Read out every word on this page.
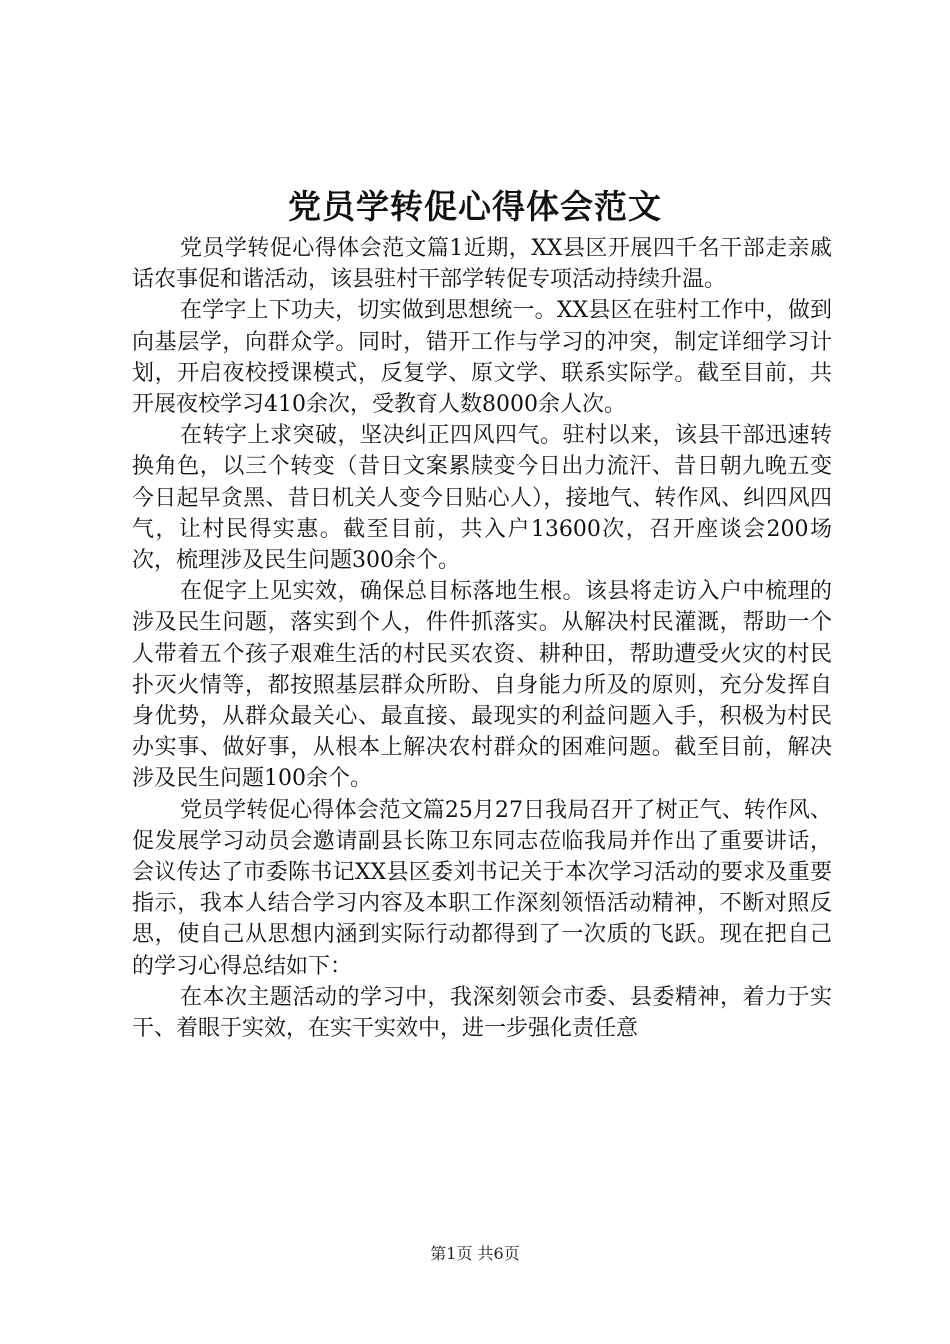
党员学转促心得体会范文

党员学转促心得体会范文篇1近期，XX县区开展四千名干部走亲戚话农事促和谐活动，该县驻村干部学转促专项活动持续升温。

在学字上下功夫，切实做到思想统一。XX县区在驻村工作中，做到向基层学，向群众学。同时，错开工作与学习的冲突，制定详细学习计划，开启夜校授课模式，反复学、原文学、联系实际学。截至目前，共开展夜校学习410余次，受教育人数8000余人次。

在转字上求突破，坚决纠正四风四气。驻村以来，该县干部迅速转换角色，以三个转变（昔日文案累牍变今日出力流汗、昔日朝九晚五变今日起早贪黑、昔日机关人变今日贴心人），接地气、转作风、纠四风四气，让村民得实惠。截至目前，共入户13600次，召开座谈会200场次，梳理涉及民生问题300余个。

在促字上见实效，确保总目标落地生根。该县将走访入户中梳理的涉及民生问题，落实到个人，件件抓落实。从解决村民灌溉，帮助一个人带着五个孩子艰难生活的村民买农资、耕种田，帮助遭受火灾的村民扑灭火情等，都按照基层群众所盼、自身能力所及的原则，充分发挥自身优势，从群众最关心、最直接、最现实的利益问题入手，积极为村民办实事、做好事，从根本上解决农村群众的困难问题。截至目前，解决涉及民生问题100余个。

党员学转促心得体会范文篇25月27日我局召开了树正气、转作风、促发展学习动员会邀请副县长陈卫东同志莅临我局并作出了重要讲话，会议传达了市委陈书记XX县区委刘书记关于本次学习活动的要求及重要指示，我本人结合学习内容及本职工作深刻领悟活动精神，不断对照反思，使自己从思想内涵到实际行动都得到了一次质的飞跃。现在把自己的学习心得总结如下：

在本次主题活动的学习中，我深刻领会市委、县委精神，着力于实干、着眼于实效，在实干实效中，进一步强化责任意

第1页 共6页
